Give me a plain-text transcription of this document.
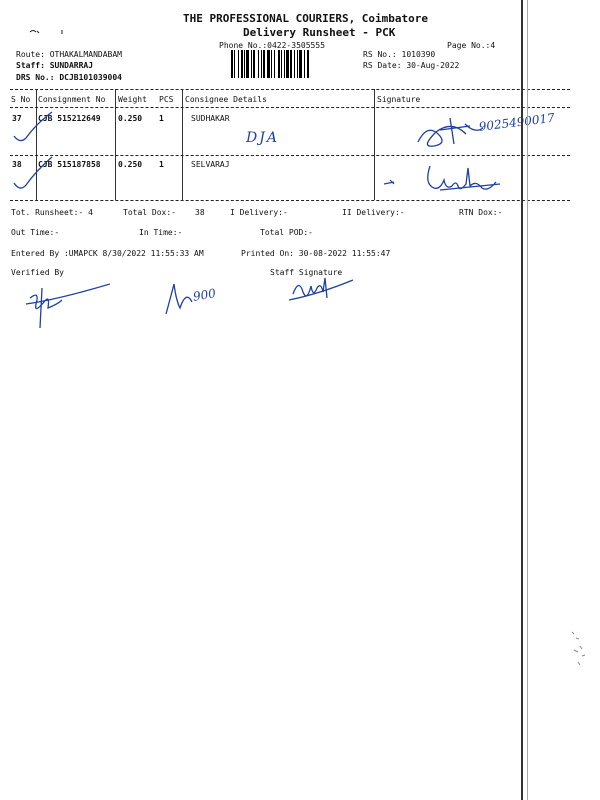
THE PROFESSIONAL COURIERS, Coimbatore
Delivery Runsheet - PCK
Phone No.:0422-3505555	Page No.:4
Route: OTHAKALMANDABAM
Staff: SUNDARRAJ
DRS No.: DCJB101039004
RS No.: 1010390
RS Date: 30-Aug-2022
S No Consignment No Weight PCS Consignee Details	Signature
37 CJB 515212649 0.250 1	SUDHAKAR
38 CJB 515187858 0.250 1	SELVARAJ
DJA
9025490017
Tot. Runsheet:- 4	Total Dox:- 38	I Delivery:-	II Delivery:-	RTN Dox:-
Out Time:-	In Time:-	Total POD:-
Entered By :UMAPCK 8/30/2022 11:55:33 AM	Printed On: 30-08-2022 11:55:47
Verified By	Staff Signature
900
